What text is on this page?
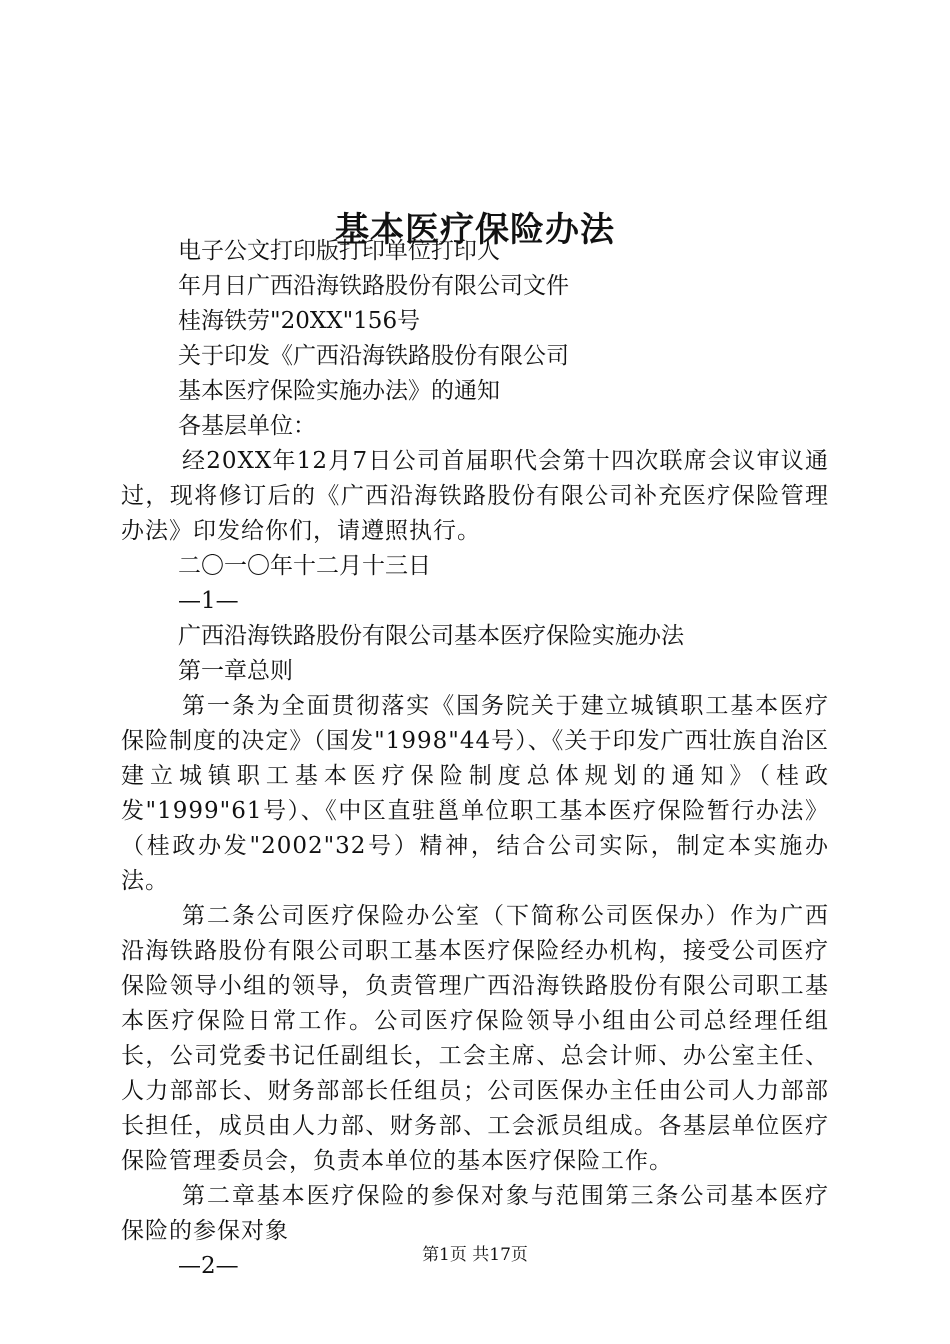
基本医疗保险办法

电子公文打印版打印单位打印人

年月日广西沿海铁路股份有限公司文件

桂海铁劳"20XX"156号

关于印发《广西沿海铁路股份有限公司

基本医疗保险实施办法》的通知

各基层单位：

经20XX年12月7日公司首届职代会第十四次联席会议审议通过，现将修订后的《广西沿海铁路股份有限公司补充医疗保险管理办法》印发给你们，请遵照执行。

二〇一〇年十二月十三日

—1—

广西沿海铁路股份有限公司基本医疗保险实施办法

第一章总则

第一条为全面贯彻落实《国务院关于建立城镇职工基本医疗保险制度的决定》（国发"1998"44号）、《关于印发广西壮族自治区建立城镇职工基本医疗保险制度总体规划的通知》（桂政发"1999"61号）、《中区直驻邕单位职工基本医疗保险暂行办法》（桂政办发"2002"32号）精神，结合公司实际，制定本实施办法。

第二条公司医疗保险办公室（下简称公司医保办）作为广西沿海铁路股份有限公司职工基本医疗保险经办机构，接受公司医疗保险领导小组的领导，负责管理广西沿海铁路股份有限公司职工基本医疗保险日常工作。公司医疗保险领导小组由公司总经理任组长，公司党委书记任副组长，工会主席、总会计师、办公室主任、人力部部长、财务部部长任组员；公司医保办主任由公司人力部部长担任，成员由人力部、财务部、工会派员组成。各基层单位医疗保险管理委员会，负责本单位的基本医疗保险工作。

第二章基本医疗保险的参保对象与范围第三条公司基本医疗保险的参保对象

—2—	第1页 共17页
